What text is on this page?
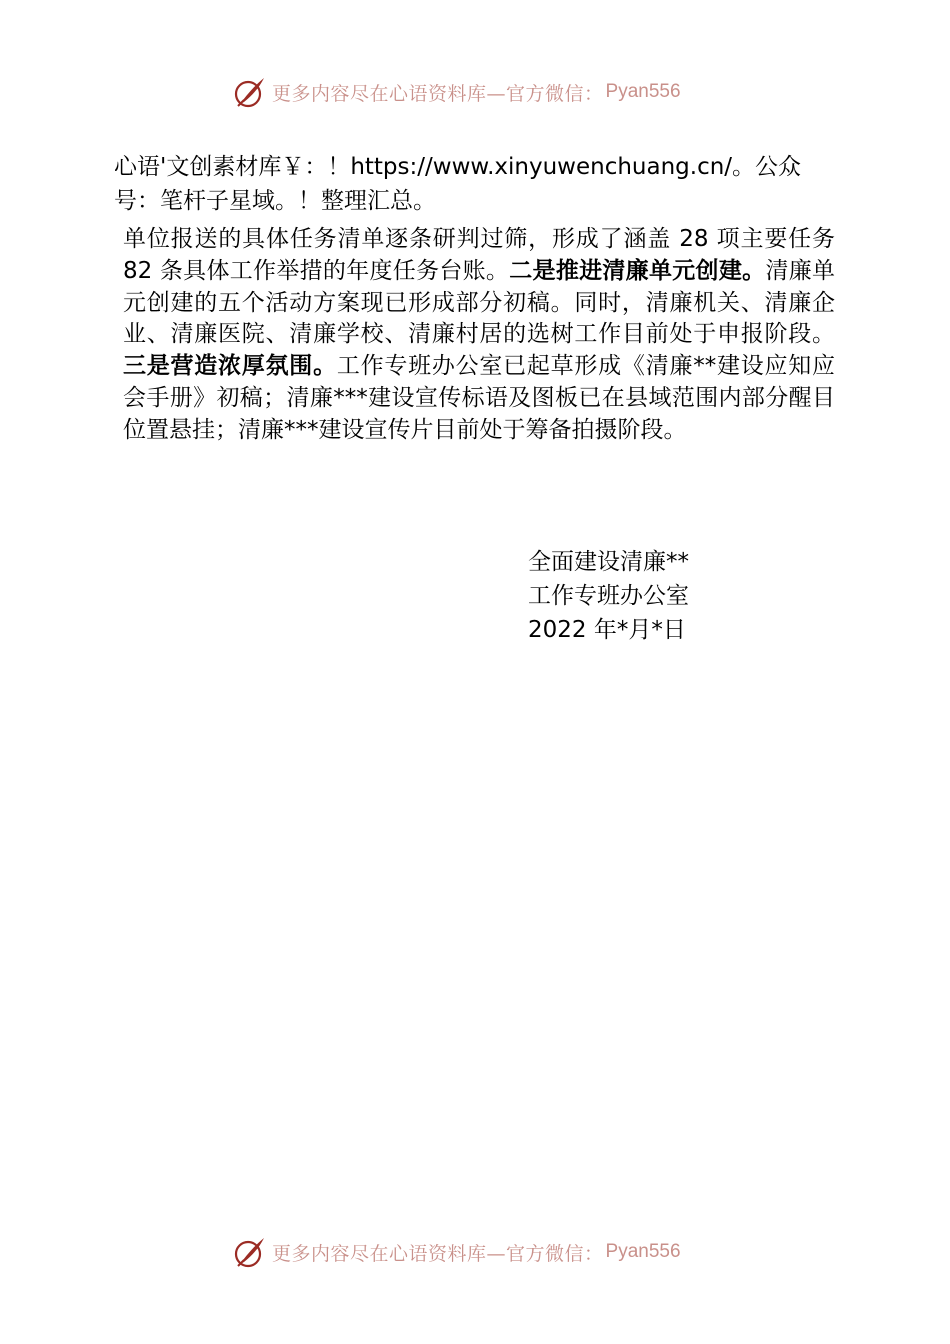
更多内容尽在心语资料库—官方微信： Pyan556
心语'文创素材库￥：！https://www.xinyuwenchuang.cn/。公众号：笔杆子星域。！整理汇总。
单位报送的具体任务清单逐条研判过筛，形成了涵盖 28 项主要任务 82 条具体工作举措的年度任务台账。二是推进清廉单元创建。清廉单元创建的五个活动方案现已形成部分初稿。同时，清廉机关、清廉企业、清廉医院、清廉学校、清廉村居的选树工作目前处于申报阶段。三是营造浓厚氛围。工作专班办公室已起草形成《清廉**建设应知应会手册》初稿；清廉***建设宣传标语及图板已在县域范围内部分醒目位置悬挂；清廉***建设宣传片目前处于筹备拍摄阶段。
全面建设清廉**
工作专班办公室
2022 年*月*日
更多内容尽在心语资料库—官方微信： Pyan556
